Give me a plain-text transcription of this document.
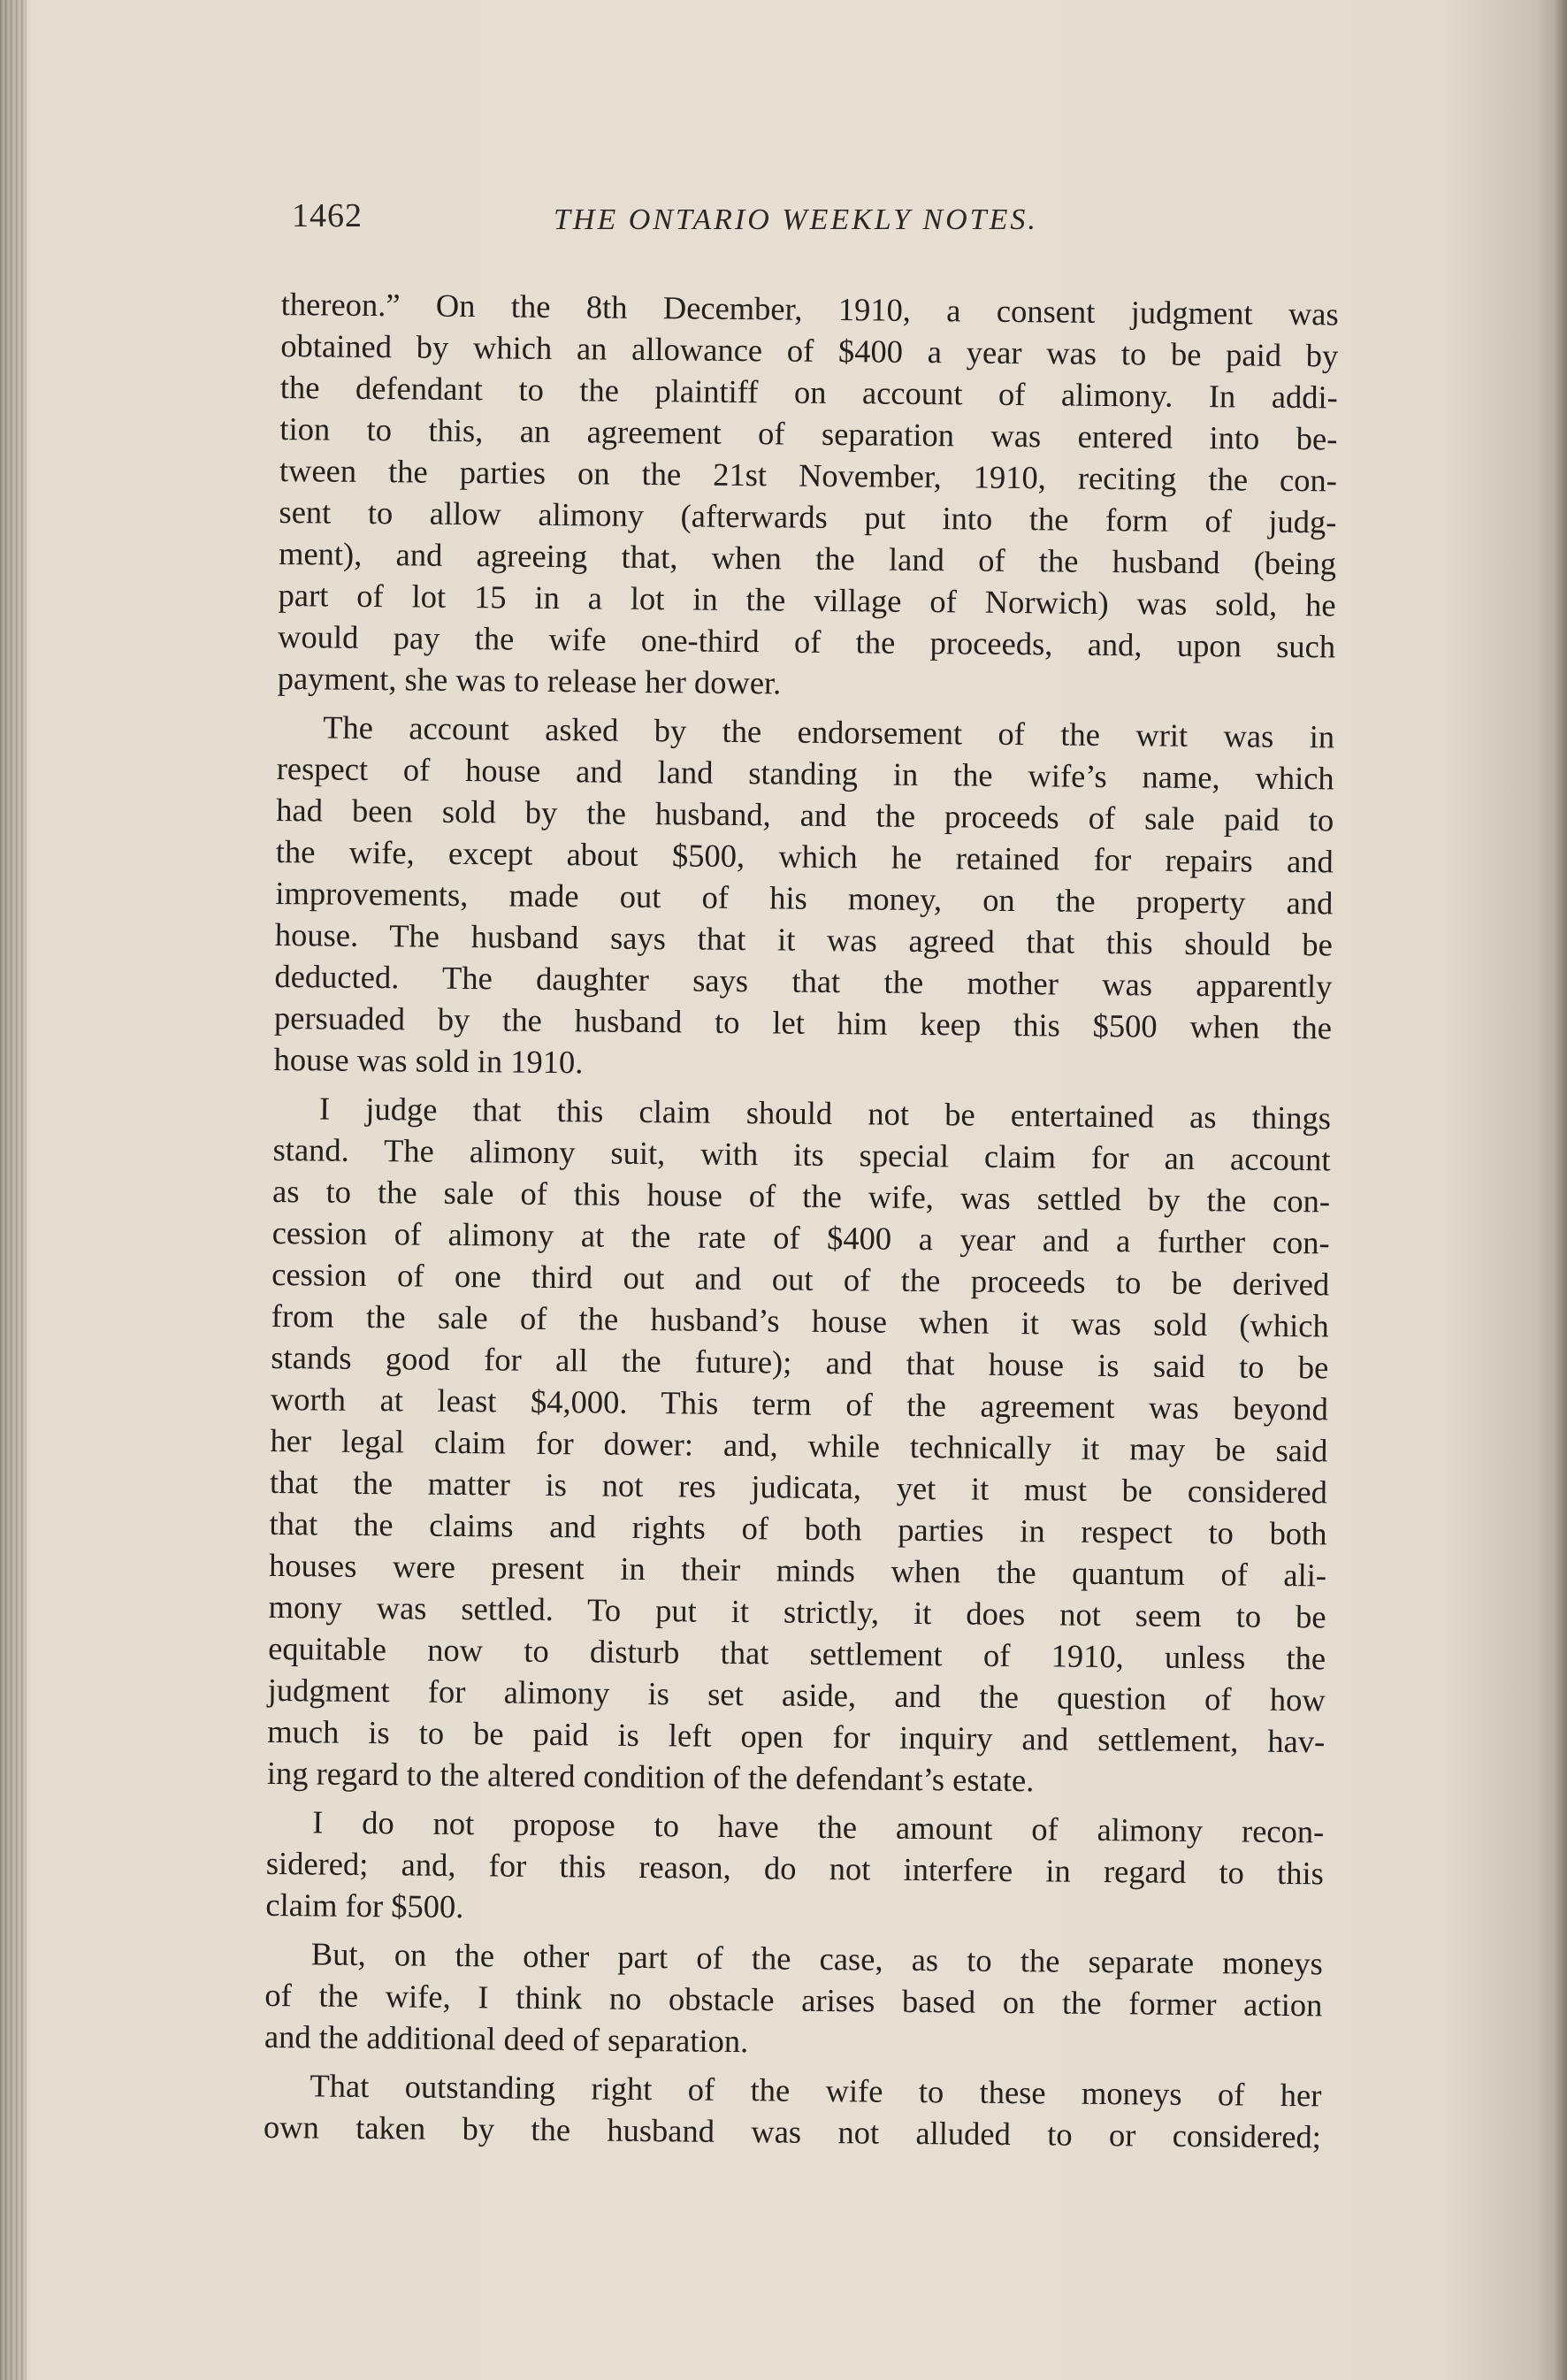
1462	THE ONTARIO WEEKLY NOTES.

thereon.” On the 8th December, 1910, a consent judgment was
obtained by which an allowance of $400 a year was to be paid by
the defendant to the plaintiff on account of alimony. In addi-
tion to this, an agreement of separation was entered into be-
tween the parties on the 21st November, 1910, reciting the con-
sent to allow alimony (afterwards put into the form of judg-
ment), and agreeing that, when the land of the husband (being
part of lot 15 in a lot in the village of Norwich) was sold, he
would pay the wife one-third of the proceeds, and, upon such
payment, she was to release her dower.

The account asked by the endorsement of the writ was in
respect of house and land standing in the wife’s name, which
had been sold by the husband, and the proceeds of sale paid to
the wife, except about $500, which he retained for repairs and
improvements, made out of his money, on the property and
house. The husband says that it was agreed that this should be
deducted. The daughter says that the mother was apparently
persuaded by the husband to let him keep this $500 when the
house was sold in 1910.

I judge that this claim should not be entertained as things
stand. The alimony suit, with its special claim for an account
as to the sale of this house of the wife, was settled by the con-
cession of alimony at the rate of $400 a year and a further con-
cession of one third out and out of the proceeds to be derived
from the sale of the husband’s house when it was sold (which
stands good for all the future); and that house is said to be
worth at least $4,000. This term of the agreement was beyond
her legal claim for dower: and, while technically it may be said
that the matter is not res judicata, yet it must be considered
that the claims and rights of both parties in respect to both
houses were present in their minds when the quantum of ali-
mony was settled. To put it strictly, it does not seem to be
equitable now to disturb that settlement of 1910, unless the
judgment for alimony is set aside, and the question of how
much is to be paid is left open for inquiry and settlement, hav-
ing regard to the altered condition of the defendant’s estate.

I do not propose to have the amount of alimony recon-
sidered; and, for this reason, do not interfere in regard to this
claim for $500.

But, on the other part of the case, as to the separate moneys
of the wife, I think no obstacle arises based on the former action
and the additional deed of separation.

That outstanding right of the wife to these moneys of her
own taken by the husband was not alluded to or considered;
